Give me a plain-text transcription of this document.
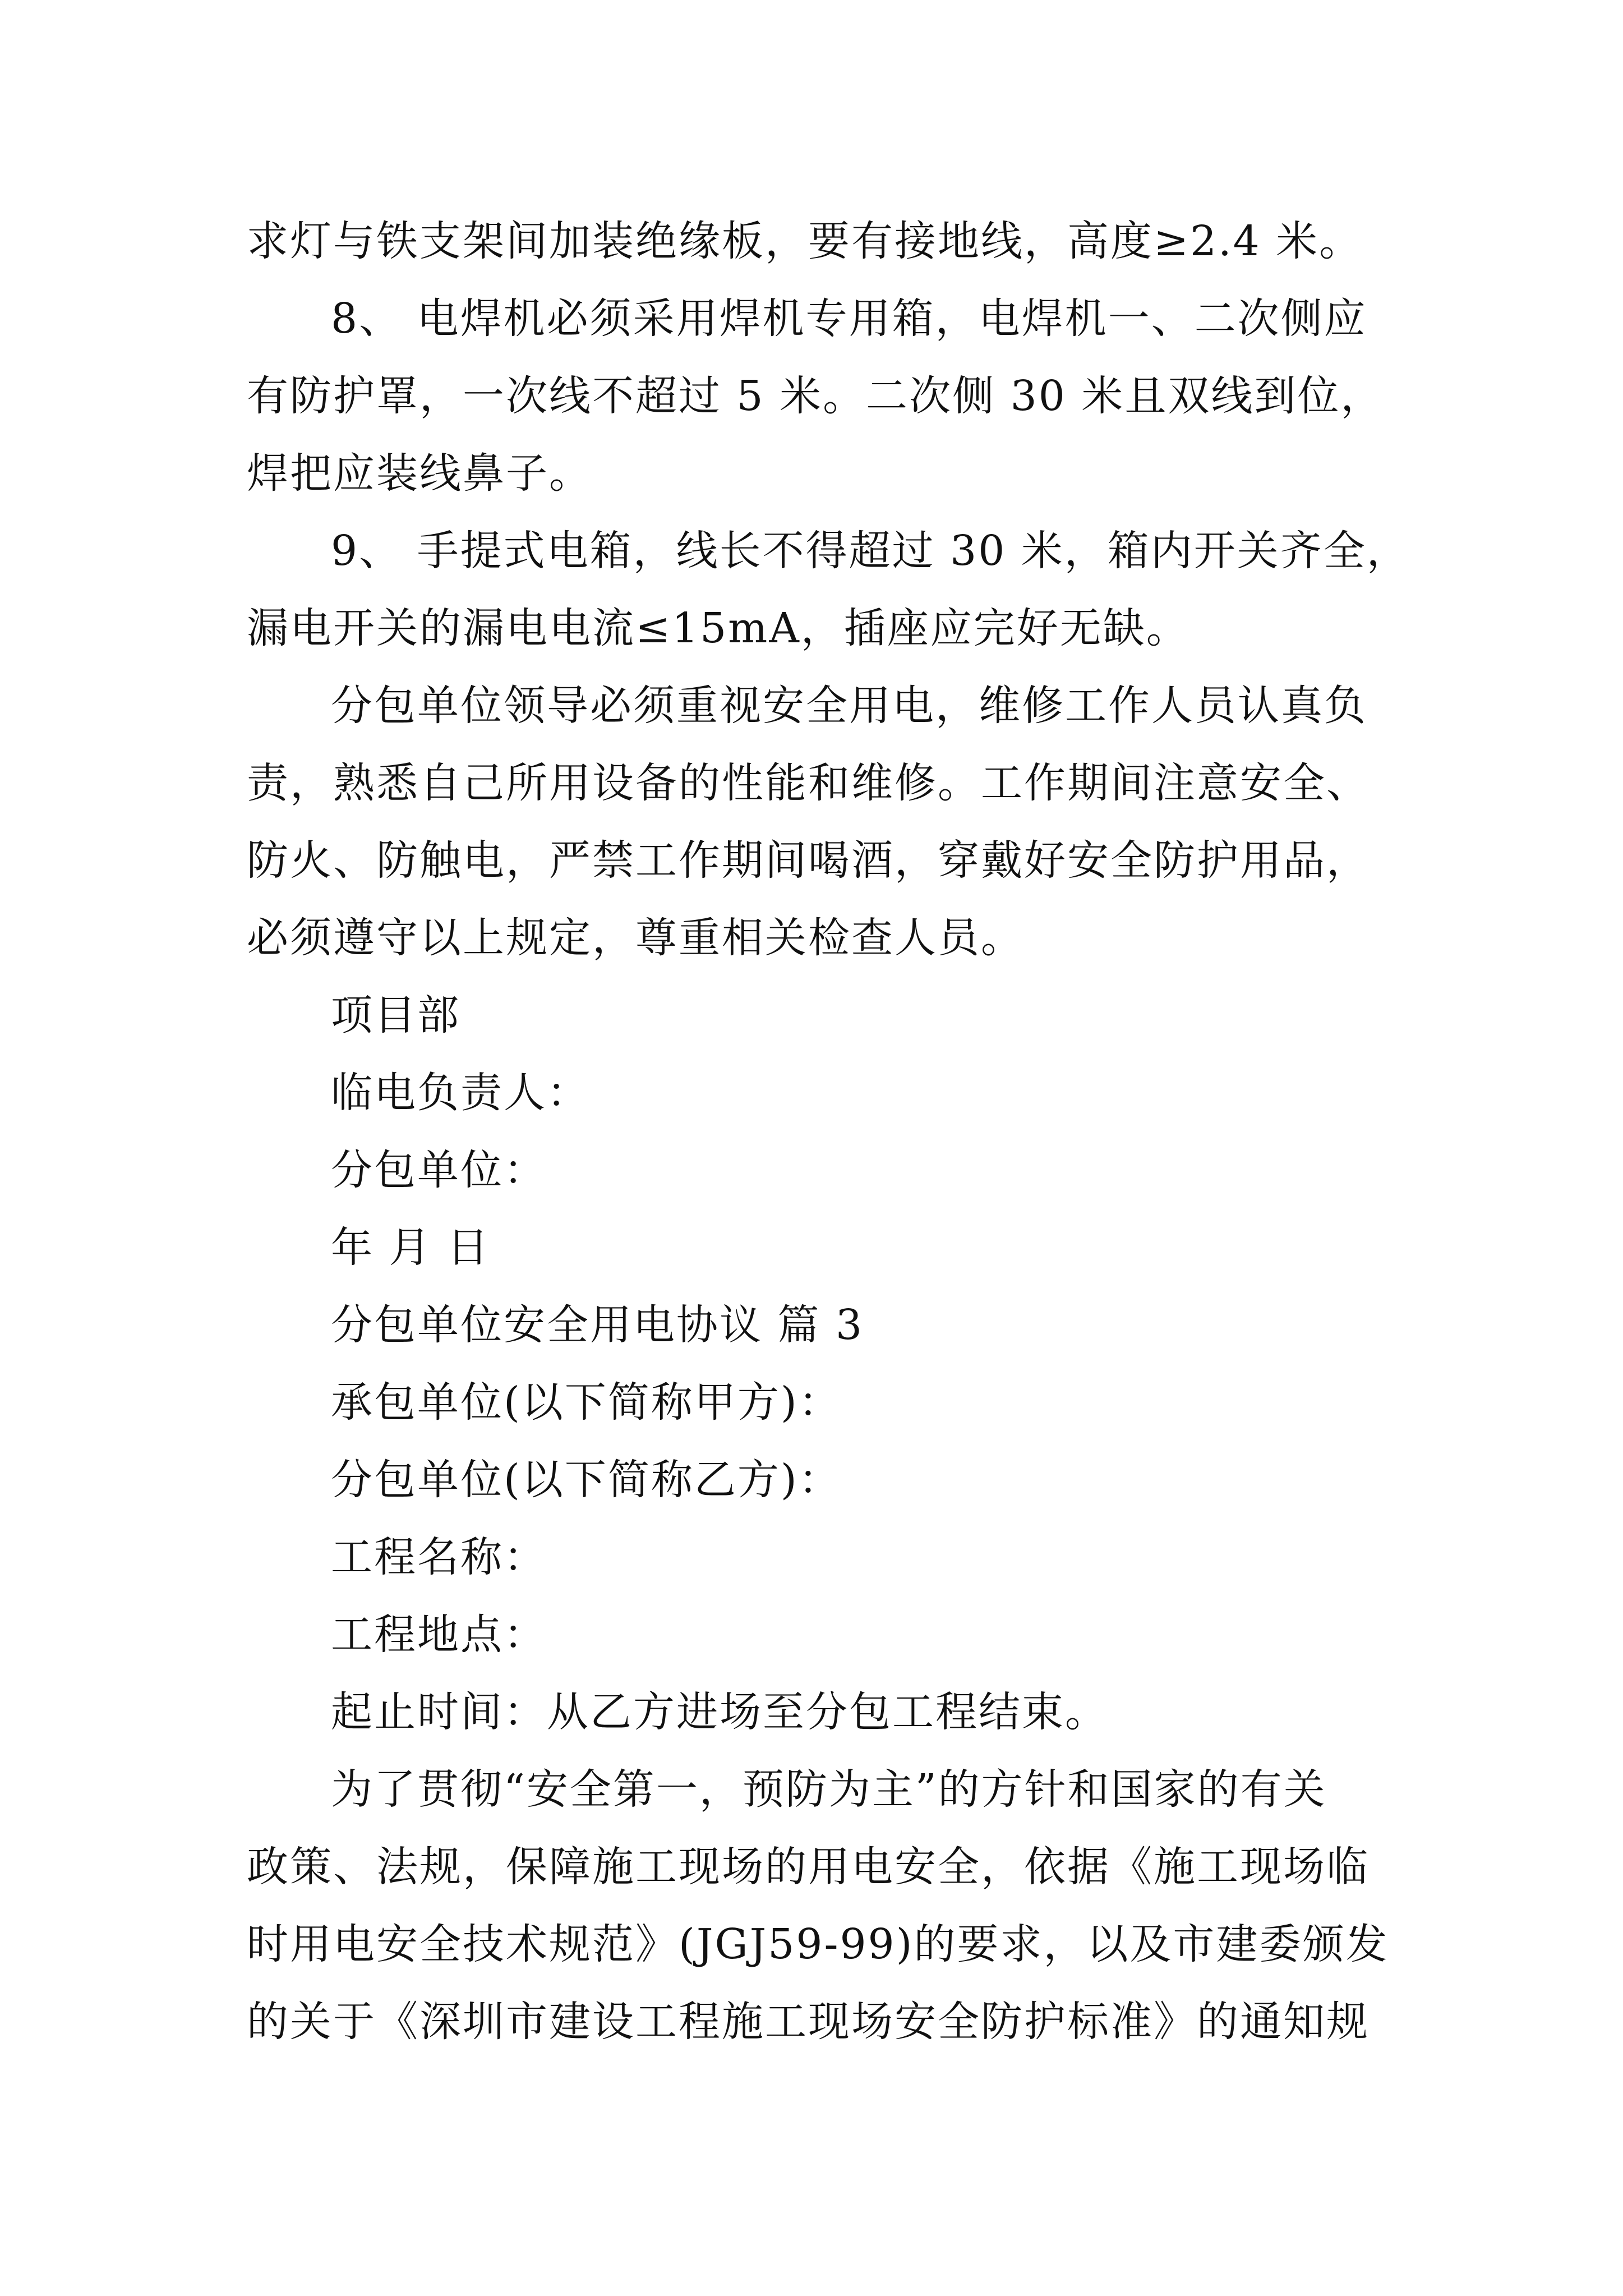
求灯与铁支架间加装绝缘板，要有接地线，高度≥2.4 米。
8、 电焊机必须采用焊机专用箱，电焊机一、二次侧应
有防护罩，一次线不超过 5 米。二次侧 30 米且双线到位，
焊把应装线鼻子。
9、 手提式电箱，线长不得超过 30 米，箱内开关齐全，
漏电开关的漏电电流≤15mA，插座应完好无缺。
分包单位领导必须重视安全用电，维修工作人员认真负
责，熟悉自己所用设备的性能和维修。工作期间注意安全、
防火、防触电，严禁工作期间喝酒，穿戴好安全防护用品，
必须遵守以上规定，尊重相关检查人员。
项目部
临电负责人：
分包单位：
年 月 日
分包单位安全用电协议 篇 3
承包单位(以下简称甲方)：
分包单位(以下简称乙方)：
工程名称：
工程地点：
起止时间：从乙方进场至分包工程结束。
为了贯彻“安全第一，预防为主”的方针和国家的有关
政策、法规，保障施工现场的用电安全，依据《施工现场临
时用电安全技术规范》(JGJ59-99)的要求，以及市建委颁发
的关于《深圳市建设工程施工现场安全防护标准》的通知规
